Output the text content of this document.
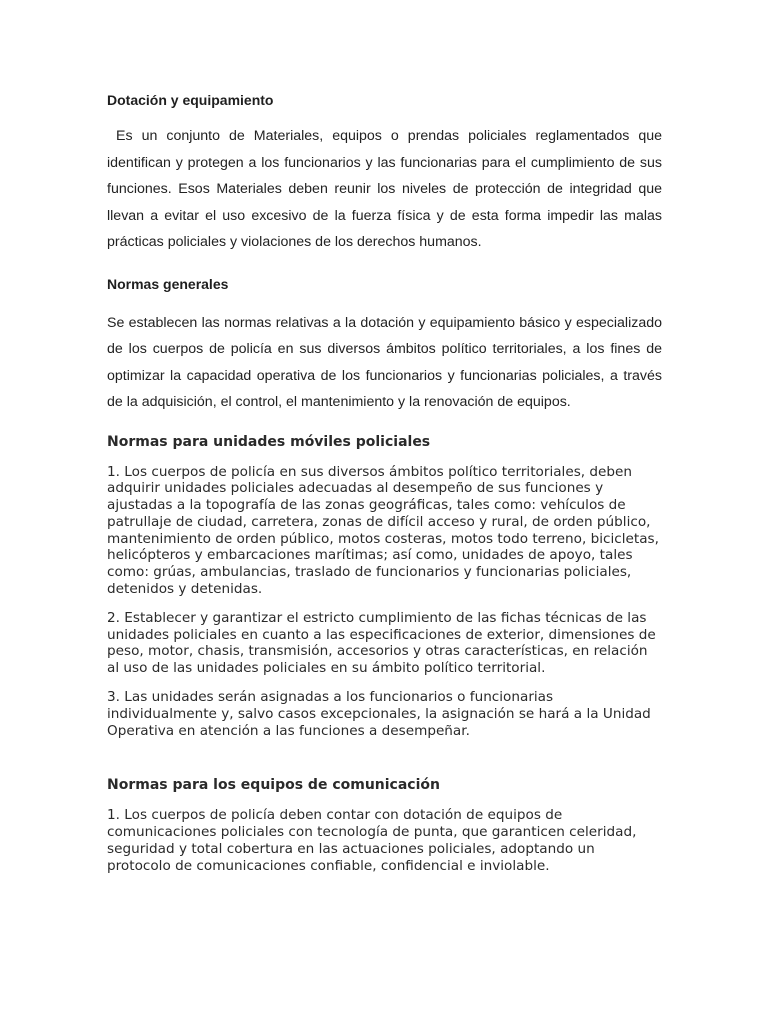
Dotación y equipamiento

Es un conjunto de Materiales, equipos o prendas policiales reglamentados que identifican y protegen a los funcionarios y las funcionarias para el cumplimiento de sus funciones. Esos Materiales deben reunir los niveles de protección de integridad que llevan a evitar el uso excesivo de la fuerza física y de esta forma impedir las malas prácticas policiales y violaciones de los derechos humanos.

Normas generales

Se establecen las normas relativas a la dotación y equipamiento básico y especializado de los cuerpos de policía en sus diversos ámbitos político territoriales, a los fines de optimizar la capacidad operativa de los funcionarios y funcionarias policiales, a través de la adquisición, el control, el mantenimiento y la renovación de equipos.

Normas para unidades móviles policiales

1. Los cuerpos de policía en sus diversos ámbitos político territoriales, deben adquirir unidades policiales adecuadas al desempeño de sus funciones y ajustadas a la topografía de las zonas geográficas, tales como: vehículos de patrullaje de ciudad, carretera, zonas de difícil acceso y rural, de orden público, mantenimiento de orden público, motos costeras, motos todo terreno, bicicletas, helicópteros y embarcaciones marítimas; así como, unidades de apoyo, tales como: grúas, ambulancias, traslado de funcionarios y funcionarias policiales, detenidos y detenidas.

2. Establecer y garantizar el estricto cumplimiento de las fichas técnicas de las unidades policiales en cuanto a las especificaciones de exterior, dimensiones de peso, motor, chasis, transmisión, accesorios y otras características, en relación al uso de las unidades policiales en su ámbito político territorial.

3. Las unidades serán asignadas a los funcionarios o funcionarias individualmente y, salvo casos excepcionales, la asignación se hará a la Unidad Operativa en atención a las funciones a desempeñar.

Normas para los equipos de comunicación

1. Los cuerpos de policía deben contar con dotación de equipos de comunicaciones policiales con tecnología de punta, que garanticen celeridad, seguridad y total cobertura en las actuaciones policiales, adoptando un protocolo de comunicaciones confiable, confidencial e inviolable.
